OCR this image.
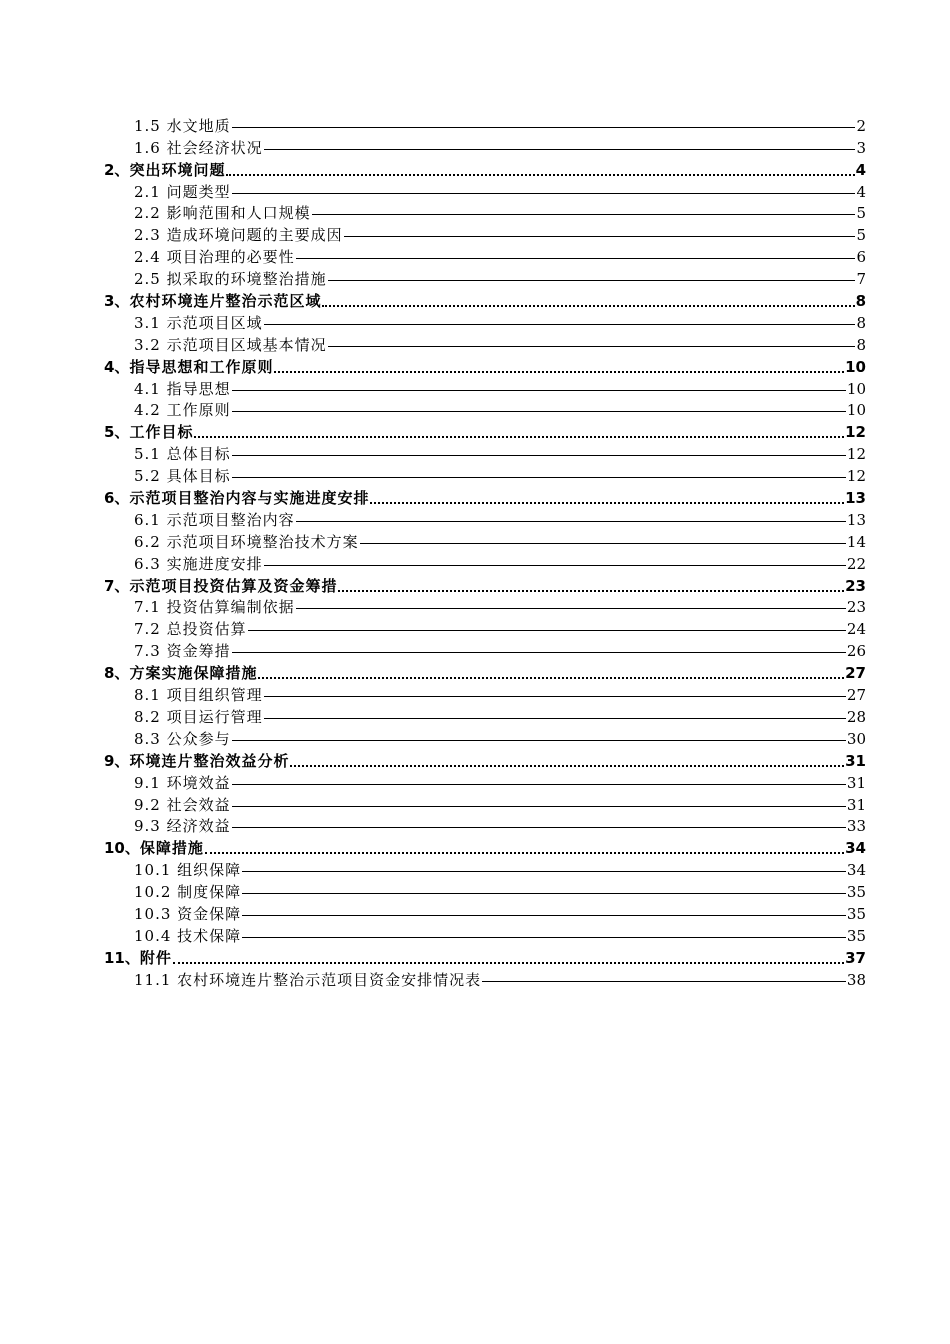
1.5 水文地质	2
1.6 社会经济状况	3
2、 突出环境问题	4
2.1 问题类型	4
2.2 影响范围和人口规模	5
2.3 造成环境问题的主要成因	5
2.4 项目治理的必要性	6
2.5 拟采取的环境整治措施	7
3、 农村环境连片整治示范区域	8
3.1 示范项目区域	8
3.2 示范项目区域基本情况	8
4、 指导思想和工作原则	10
4.1 指导思想	10
4.2 工作原则	10
5、 工作目标	12
5.1 总体目标	12
5.2 具体目标	12
6、 示范项目整治内容与实施进度安排	13
6.1 示范项目整治内容	13
6.2 示范项目环境整治技术方案	14
6.3 实施进度安排	22
7、 示范项目投资估算及资金筹措	23
7.1 投资估算编制依据	23
7.2 总投资估算	24
7.3 资金筹措	26
8、 方案实施保障措施	27
8.1 项目组织管理	27
8.2 项目运行管理	28
8.3 公众参与	30
9、 环境连片整治效益分析	31
9.1 环境效益	31
9.2 社会效益	31
9.3 经济效益	33
10、 保障措施	34
10.1 组织保障	34
10.2 制度保障	35
10.3 资金保障	35
10.4 技术保障	35
11、 附件	37
11.1 农村环境连片整治示范项目资金安排情况表	38
